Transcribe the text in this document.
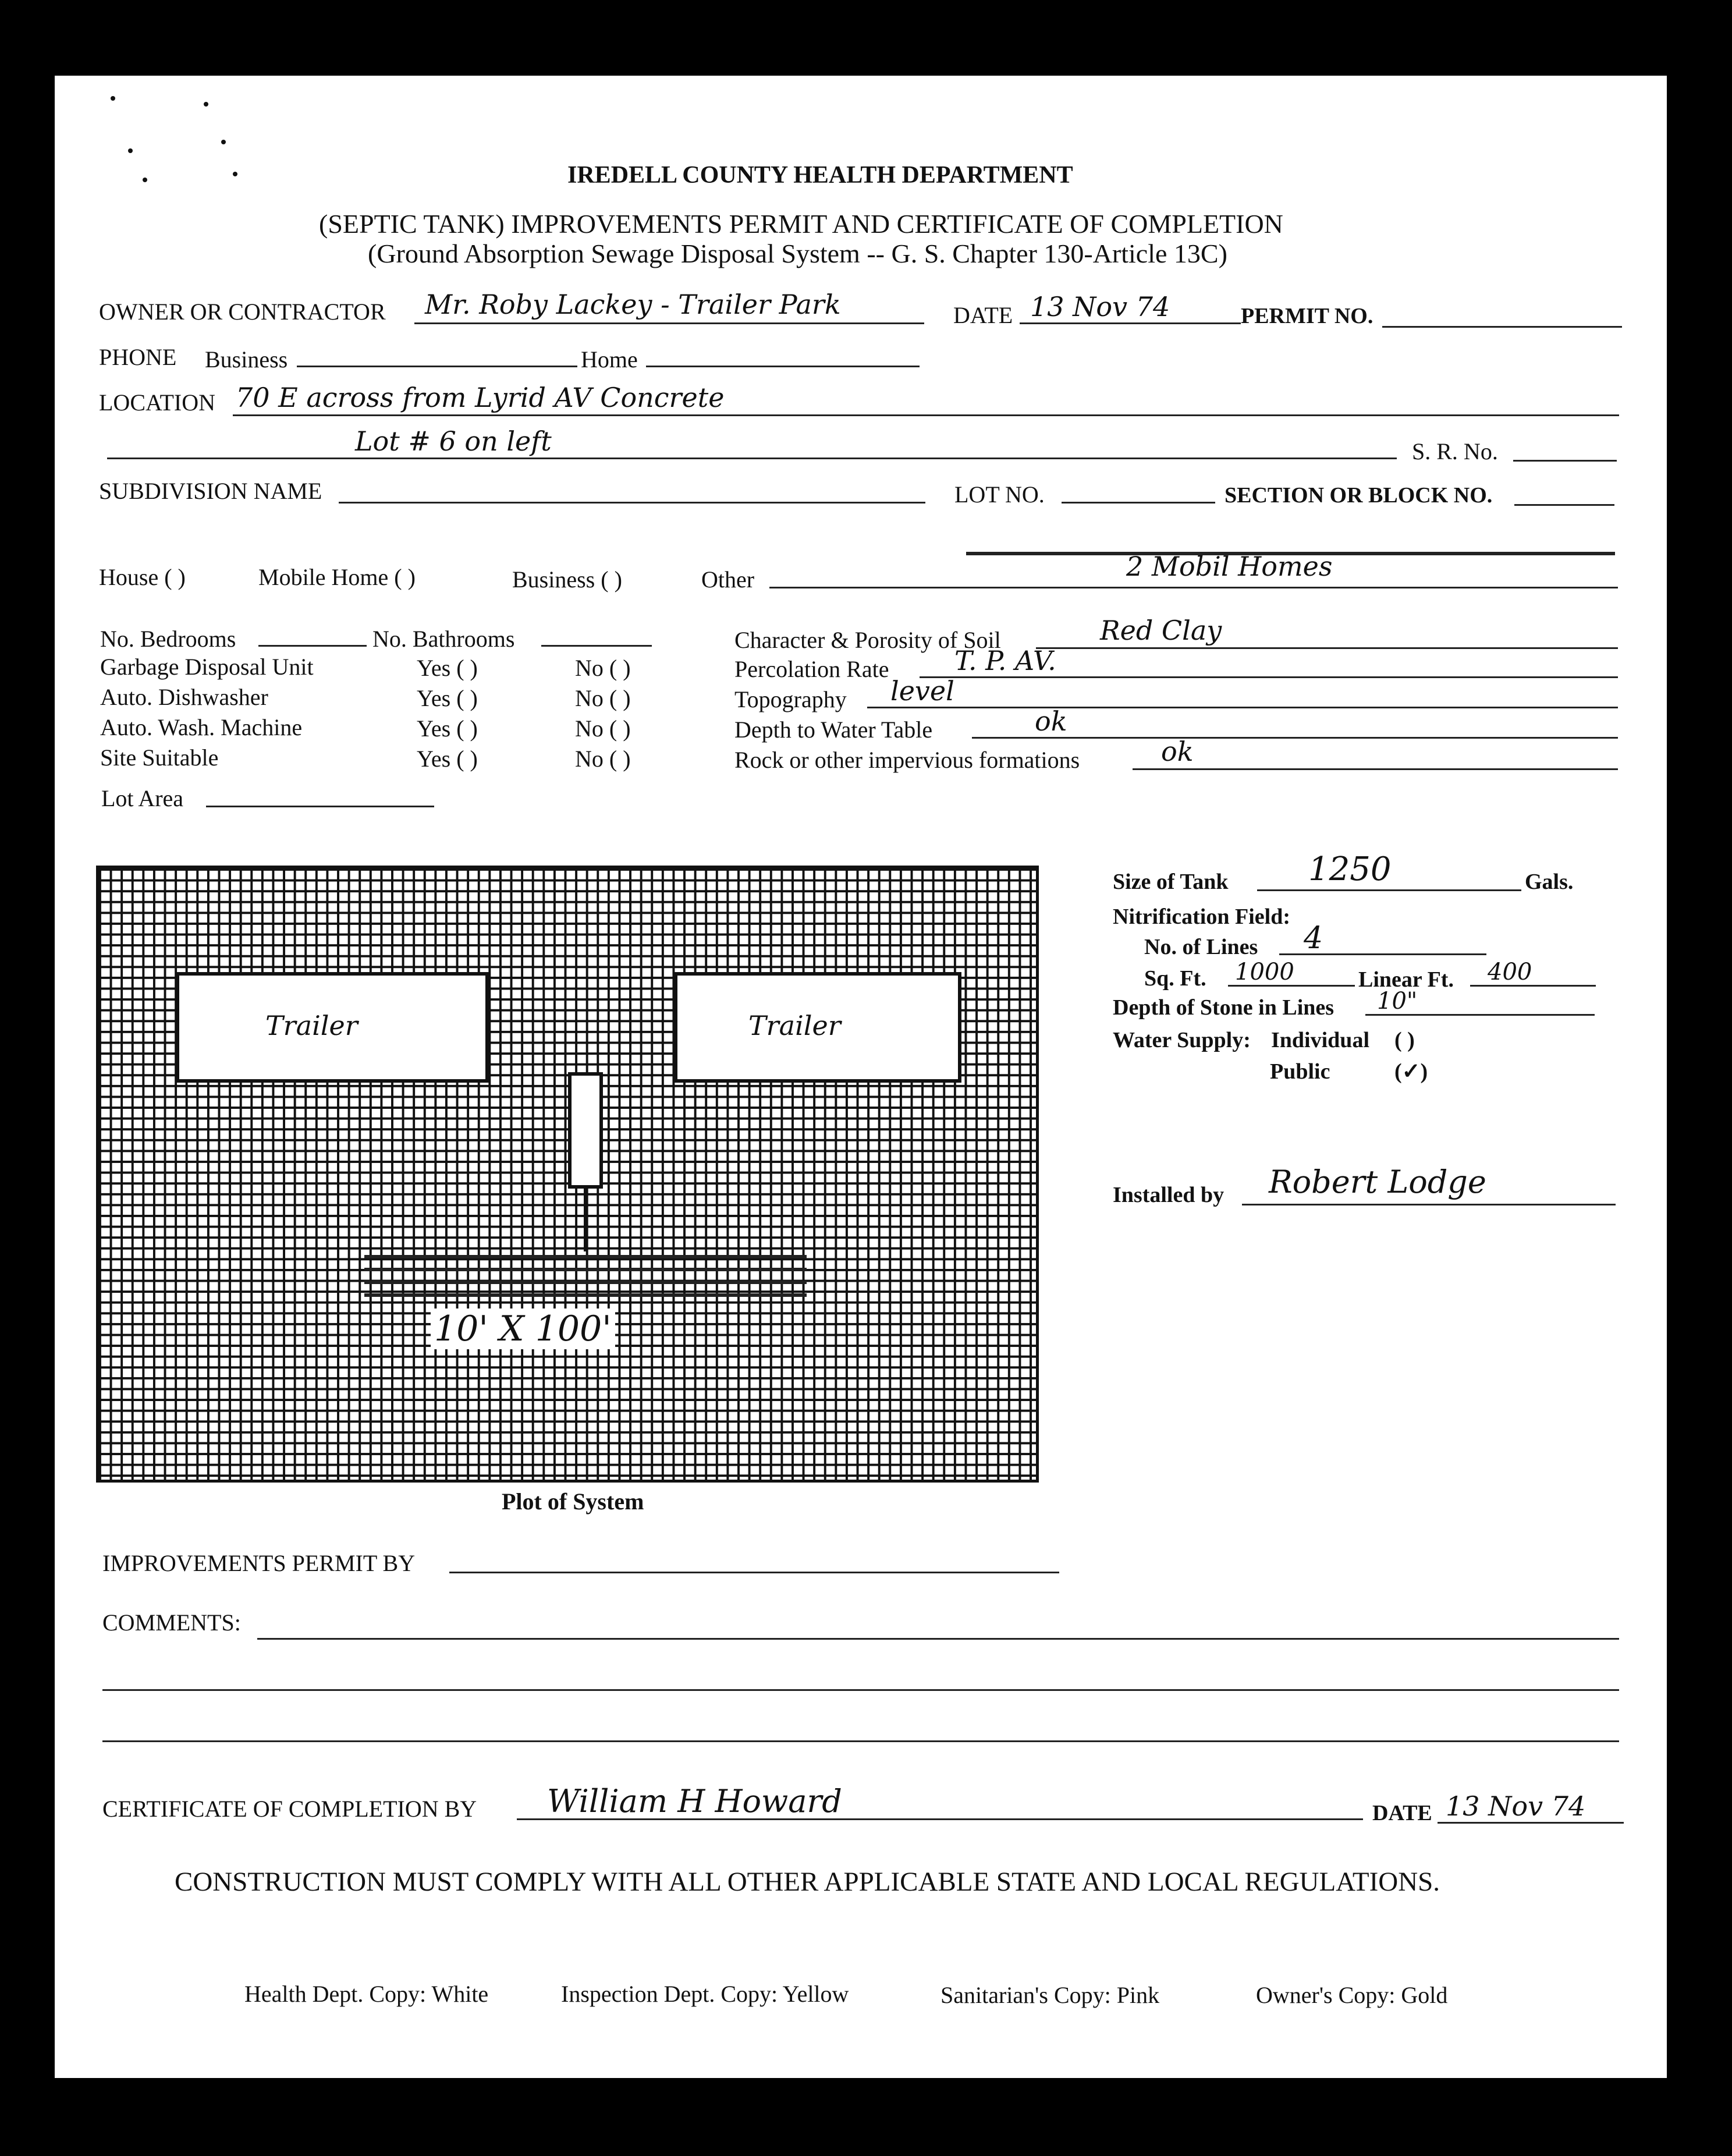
IREDELL COUNTY HEALTH DEPARTMENT
(SEPTIC TANK) IMPROVEMENTS PERMIT AND CERTIFICATE OF COMPLETION
(Ground Absorption Sewage Disposal System -- G. S. Chapter 130-Article 13C)
OWNER OR CONTRACTOR Mr. Roby Lackey - Trailer Park	DATE 13 Nov 74	PERMIT NO.
PHONE Business	Home
LOCATION 70 E across from Lyrid AV Concrete
Lot # 6 on left	S. R. No.
SUBDIVISION NAME	LOT NO.	SECTION OR BLOCK NO.
House ( )	Mobile Home ( )	Business ( )	Other	2 Mobil Homes
No. Bedrooms	No. Bathrooms
Garbage Disposal Unit	Yes ( )	No ( )
Auto. Dishwasher	Yes ( )	No ( )
Auto. Wash. Machine	Yes ( )	No ( )
Site Suitable	Yes ( )	No ( )
Lot Area
Character & Porosity of Soil	Red Clay
Percolation Rate T. P. AV.
Topography level
Depth to Water Table	ok
Rock or other impervious formations	ok
Trailer	Trailer
10' X 100'
Plot of System
Size of Tank 1250	Gals.
Nitrification Field:
No. of Lines 4
Sq. Ft. 1000	Linear Ft. 400
Depth of Stone in Lines 10"
Water Supply: Individual ( )
Public	(✓)
Installed by Robert Lodge
IMPROVEMENTS PERMIT BY
COMMENTS:
CERTIFICATE OF COMPLETION BY William H Howard	DATE 13 Nov 74
CONSTRUCTION MUST COMPLY WITH ALL OTHER APPLICABLE STATE AND LOCAL REGULATIONS.
Health Dept. Copy: White	Inspection Dept. Copy: Yellow	Sanitarian's Copy: Pink	Owner's Copy: Gold
